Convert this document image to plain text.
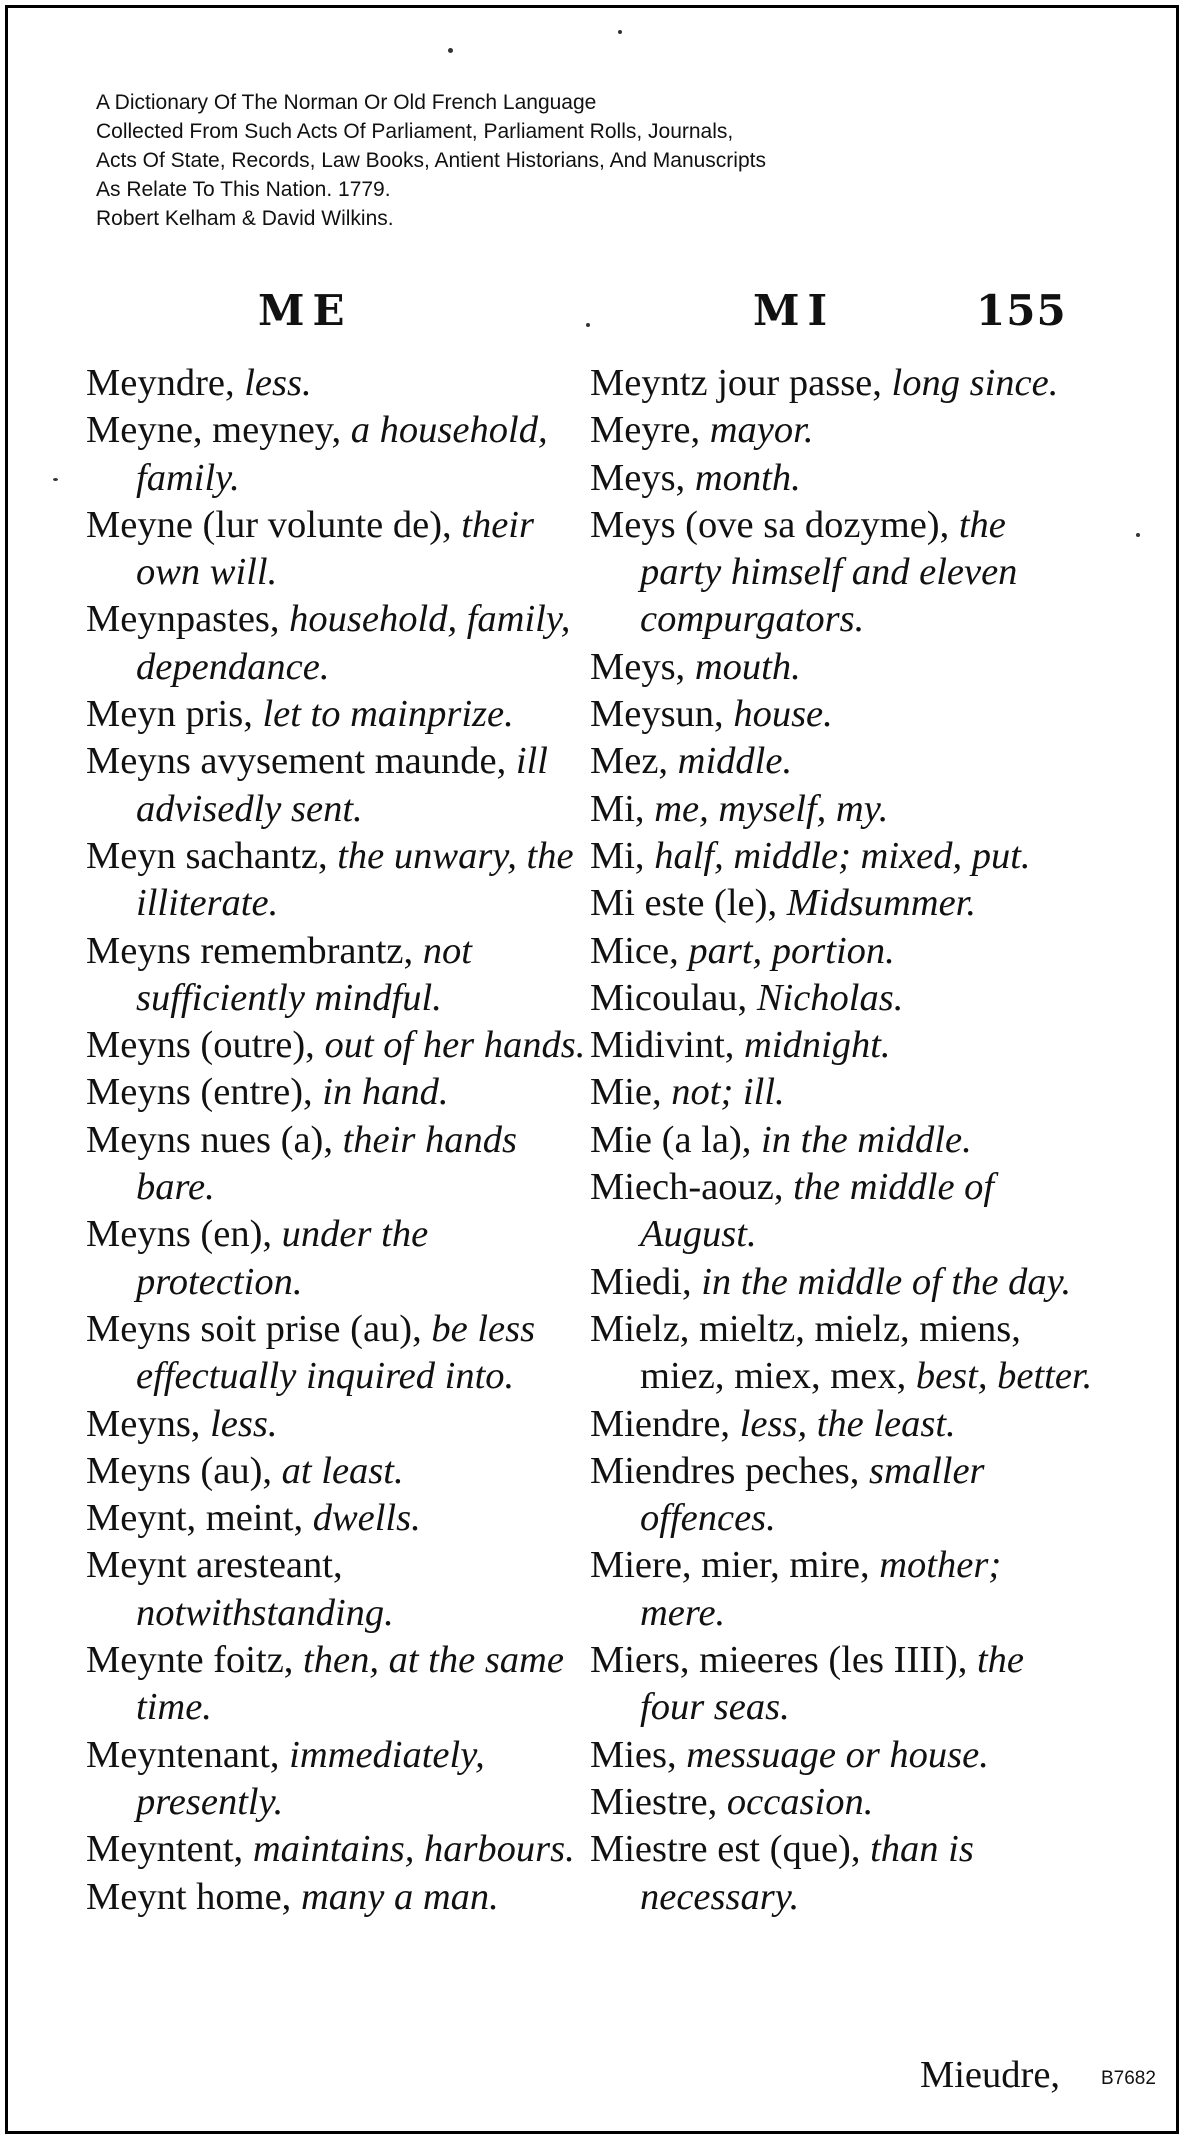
A Dictionary Of The Norman Or Old French Language
Collected From Such Acts Of Parliament, Parliament Rolls, Journals,
Acts Of State, Records, Law Books, Antient Historians, And Manuscripts
As Relate To This Nation. 1779.
Robert Kelham & David Wilkins.
ME	MI	155

Meyndre, less.

Meyne, meyney, a household, family.

Meyne (lur volunte de), their own will.

Meynpastes, household, family, dependance.

Meyn pris, let to mainprize.

Meyns avysement maunde, ill advisedly sent.

Meyn sachantz, the unwary, the illiterate.

Meyns remembrantz, not sufficiently mindful.

Meyns (outre), out of her hands.

Meyns (entre), in hand.

Meyns nues (a), their hands bare.

Meyns (en), under the protection.

Meyns soit prise (au), be less effectually inquired into.

Meyns, less.

Meyns (au), at least.

Meynt, meint, dwells.

Meynt aresteant, notwithstanding.

Meynte foitz, then, at the same time.

Meyntenant, immediately, presently.

Meyntent, maintains, harbours.

Meynt home, many a man.

Meyntz jour passe, long since.

Meyre, mayor.

Meys, month.

Meys (ove sa dozyme), the party himself and eleven compurgators.

Meys, mouth.

Meysun, house.

Mez, middle.

Mi, me, myself, my.

Mi, half, middle; mixed, put.

Mi este (le), Midsummer.

Mice, part, portion.

Micoulau, Nicholas.

Midivint, midnight.

Mie, not; ill.

Mie (a la), in the middle.

Miech-aouz, the middle of August.

Miedi, in the middle of the day.

Mielz, mieltz, mielz, miens, miez, miex, mex, best, better.

Miendre, less, the least.

Miendres peches, smaller offences.

Miere, mier, mire, mother; mere.

Miers, mieeres (les IIII), the four seas.

Mies, messuage or house.

Miestre, occasion.

Miestre est (que), than is necessary.

Mieudre, B7682
